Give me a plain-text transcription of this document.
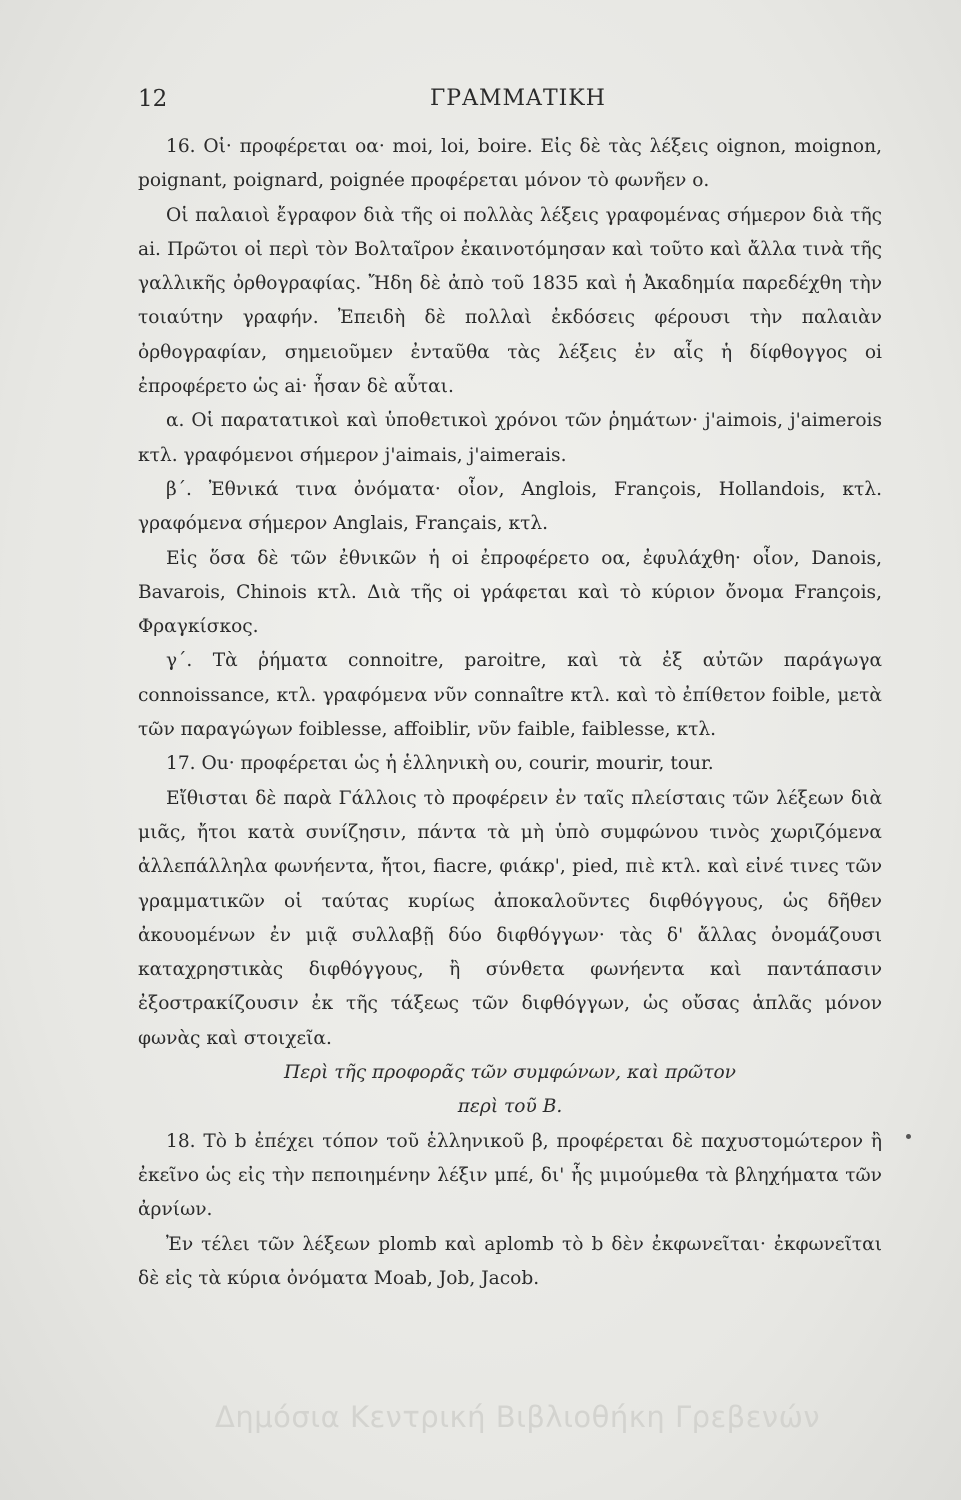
12	ΓΡΑΜΜΑΤΙΚΗ

16. Οἱ· προφέρεται οα· moi, loi, boire. Εἰς δὲ τὰς λέξεις oignon, moignon, poignant, poignard, poignée προφέρεται μόνον τὸ φωνῆεν ο.

Οἱ παλαιοὶ ἔγραφον διὰ τῆς oi πολλὰς λέξεις γραφομένας σήμερον διὰ τῆς ai. Πρῶτοι οἱ περὶ τὸν Βολταῖρον ἐκαινοτόμησαν καὶ τοῦτο καὶ ἄλλα τινὰ τῆς γαλλικῆς ὀρθογραφίας. Ἤδη δὲ ἀπὸ τοῦ 1835 καὶ ἡ Ἀκαδημία παρεδέχθη τὴν τοιαύτην γραφήν. Ἐπειδὴ δὲ πολλαὶ ἐκδόσεις φέρουσι τὴν παλαιὰν ὀρθογραφίαν, σημειοῦμεν ἐνταῦθα τὰς λέξεις ἐν αἷς ἡ δίφθογγος oi ἐπροφέρετο ὡς ai· ἦσαν δὲ αὗται.

α. Οἱ παρατατικοὶ καὶ ὑποθετικοὶ χρόνοι τῶν ῥημάτων· j'aimois, j'aimerois κτλ. γραφόμενοι σήμερον j'aimais, j'aimerais.

β΄. Ἐθνικά τινα ὀνόματα· οἷον, Anglois, François, Hollandois, κτλ. γραφόμενα σήμερον Anglais, Français, κτλ.

Εἰς ὅσα δὲ τῶν ἐθνικῶν ἡ oi ἐπροφέρετο οα, ἐφυλάχθη· οἷον, Danois, Bavarois, Chinois κτλ. Διὰ τῆς oi γράφεται καὶ τὸ κύριον ὄνομα François, Φραγκίσκος.

γ΄. Τὰ ῥήματα connoitre, paroitre, καὶ τὰ ἐξ αὐτῶν παράγωγα connoissance, κτλ. γραφόμενα νῦν connaître κτλ. καὶ τὸ ἐπίθετον foible, μετὰ τῶν παραγώγων foiblesse, affoiblir, νῦν faible, faiblesse, κτλ.

17. Ou· προφέρεται ὡς ἡ ἑλληνικὴ ου, courir, mourir, tour.

Εἴθισται δὲ παρὰ Γάλλοις τὸ προφέρειν ἐν ταῖς πλείσταις τῶν λέξεων διὰ μιᾶς, ἤτοι κατὰ συνίζησιν, πάντα τὰ μὴ ὑπὸ συμφώνου τινὸς χωριζόμενα ἀλλεπάλληλα φωνήεντα, ἤτοι, fiacre, φιάκρ', pied, πιὲ κτλ. καὶ εἰνέ τινες τῶν γραμματικῶν οἱ ταύτας κυρίως ἀποκαλοῦντες διφθόγγους, ὡς δῆθεν ἀκουομένων ἐν μιᾷ συλλαβῇ δύο διφθόγγων· τὰς δ' ἄλλας ὀνομάζουσι καταχρηστικὰς διφθόγγους, ἢ σύνθετα φωνήεντα καὶ παντάπασιν ἐξοστρακίζουσιν ἐκ τῆς τάξεως τῶν διφθόγγων, ὡς οὔσας ἁπλᾶς μόνον φωνὰς καὶ στοιχεῖα.

Περὶ τῆς προφορᾶς τῶν συμφώνων, καὶ πρῶτον

περὶ τοῦ B.

18. Τὸ b ἐπέχει τόπον τοῦ ἑλληνικοῦ β, προφέρεται δὲ παχυστομώτερον ἢ ἐκεῖνο ὡς εἰς τὴν πεποιημένην λέξιν μπέ, δι' ἧς μιμούμεθα τὰ βληχήματα τῶν ἀρνίων.

Ἐν τέλει τῶν λέξεων plomb καὶ aplomb τὸ b δὲν ἐκφωνεῖται· ἐκφωνεῖται δὲ εἰς τὰ κύρια ὀνόματα Moab, Job, Jacob.

Δημόσια Κεντρική Βιβλιοθήκη Γρεβενών
